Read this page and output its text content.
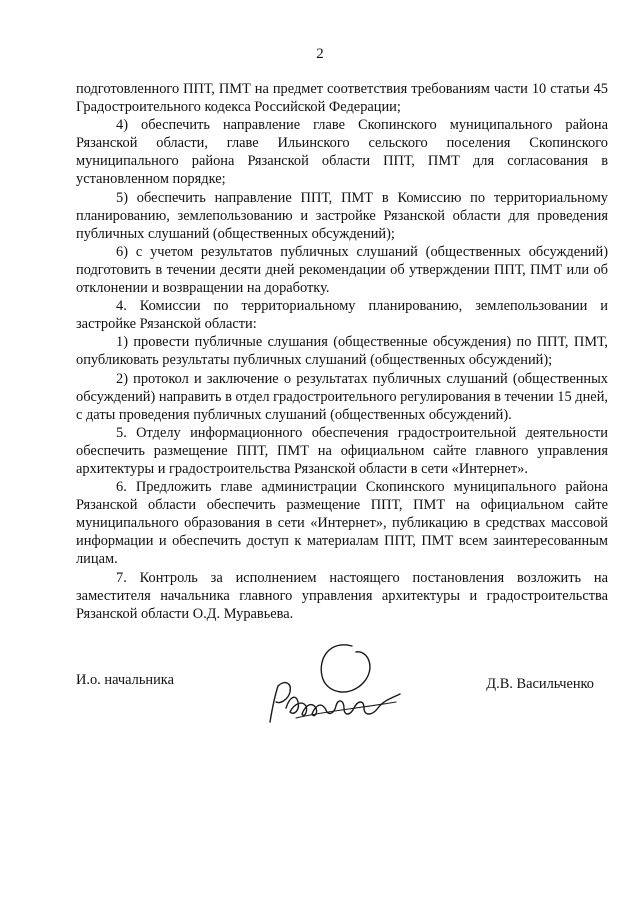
2

подготовленного ППТ, ПМТ на предмет соответствия требованиям части 10 статьи 45 Градостроительного кодекса Российской Федерации;

4) обеспечить направление главе Скопинского муниципального района Рязанской области, главе Ильинского сельского поселения Скопинского муниципального района Рязанской области ППТ, ПМТ для согласования в установленном порядке;

5) обеспечить направление ППТ, ПМТ в Комиссию по территориальному планированию, землепользованию и застройке Рязанской области для проведения публичных слушаний (общественных обсуждений);

6) с учетом результатов публичных слушаний (общественных обсуждений) подготовить в течении десяти дней рекомендации об утверждении ППТ, ПМТ или об отклонении и возвращении на доработку.

4. Комиссии по территориальному планированию, землепользовании и застройке Рязанской области:

1) провести публичные слушания (общественные обсуждения) по ППТ, ПМТ, опубликовать результаты публичных слушаний (общественных обсуждений);

2) протокол и заключение о результатах публичных слушаний (общественных обсуждений) направить в отдел градостроительного регулирования в течении 15 дней, с даты проведения публичных слушаний (общественных обсуждений).

5. Отделу информационного обеспечения градостроительной деятельности обеспечить размещение ППТ, ПМТ на официальном сайте главного управления архитектуры и градостроительства Рязанской области в сети «Интернет».

6. Предложить главе администрации Скопинского муниципального района Рязанской области обеспечить размещение ППТ, ПМТ на официальном сайте муниципального образования в сети «Интернет», публикацию в средствах массовой информации и обеспечить доступ к материалам ППТ, ПМТ всем заинтересованным лицам.

7. Контроль за исполнением настоящего постановления возложить на заместителя начальника главного управления архитектуры и градостроительства Рязанской области О.Д. Муравьева.

И.о. начальника	Д.В. Васильченко
